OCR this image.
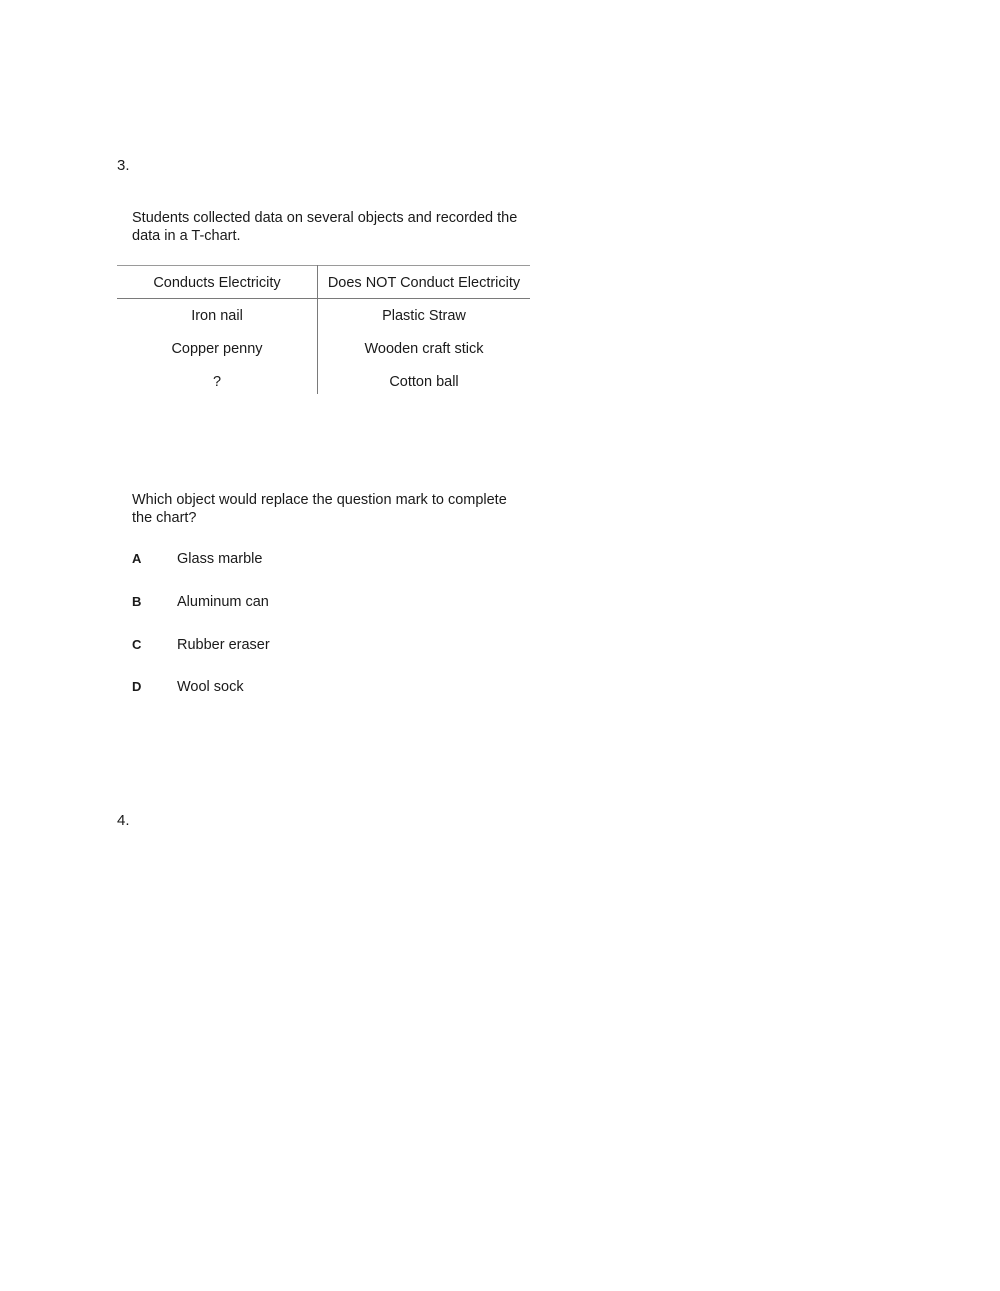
3.
Students collected data on several objects and recorded the data in a T-chart.
Conducts Electricity	Does NOT Conduct Electricity
Iron nail	Plastic Straw
Copper penny	Wooden craft stick
?	Cotton ball
Which object would replace the question mark to complete the chart?
A Glass marble
B Aluminum can
C Rubber eraser
D Wool sock
4.
